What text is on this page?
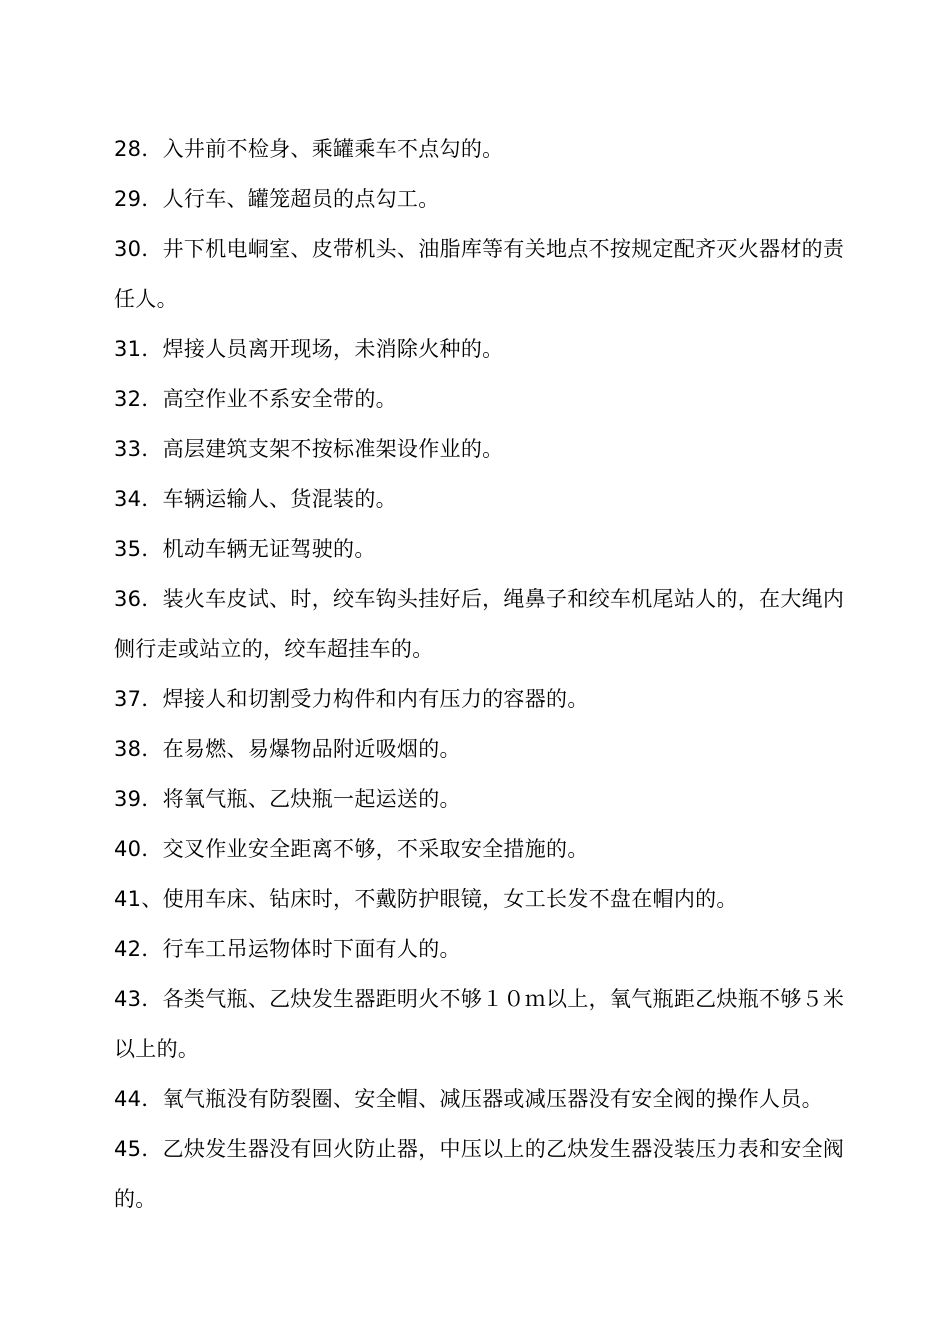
28．入井前不检身、乘罐乘车不点勾的。

29．人行车、罐笼超员的点勾工。

30．井下机电峒室、皮带机头、油脂库等有关地点不按规定配齐灭火器材的责任人。

31．焊接人员离开现场，未消除火种的。

32．高空作业不系安全带的。

33．高层建筑支架不按标准架设作业的。

34．车辆运输人、货混装的。

35．机动车辆无证驾驶的。

36．装火车皮试、时，绞车钩头挂好后，绳鼻子和绞车机尾站人的，在大绳内侧行走或站立的，绞车超挂车的。

37．焊接人和切割受力构件和内有压力的容器的。

38．在易燃、易爆物品附近吸烟的。

39．将氧气瓶、乙炔瓶一起运送的。

40．交叉作业安全距离不够，不采取安全措施的。

41、使用车床、钻床时，不戴防护眼镜，女工长发不盘在帽内的。

42．行车工吊运物体时下面有人的。

43．各类气瓶、乙炔发生器距明火不够１０ｍ以上，氧气瓶距乙炔瓶不够５米以上的。

44．氧气瓶没有防裂圈、安全帽、减压器或减压器没有安全阀的操作人员。

45．乙炔发生器没有回火防止器，中压以上的乙炔发生器没装压力表和安全阀的。
